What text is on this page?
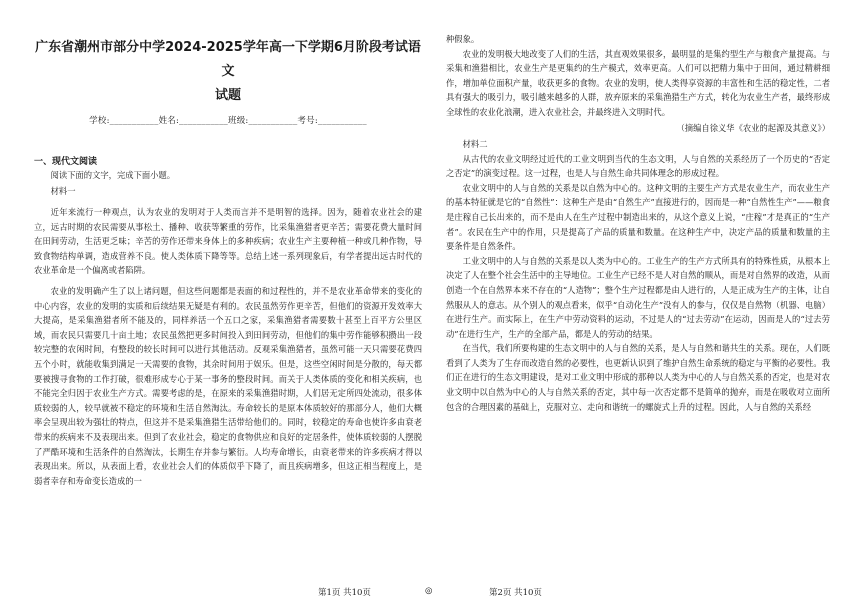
广东省潮州市部分中学2024-2025学年高一下学期6月阶段考试语文
试题
学校:___________姓名:___________班级:___________考号:___________
一、现代文阅读

阅读下面的文字，完成下面小题。

材料一

近年来流行一种观点，认为农业的发明对于人类而言并不是明智的选择。因为，随着农业社会的建立，远古时期的农民需要从事松土、播种、收获等繁重的劳作，比采集渔猎者更辛苦；需要花费大量时间在田间劳动，生活更乏味；辛苦的劳作还带来身体上的多种疾病；农业生产主要种植一种或几种作物，导致食物结构单调，造成营养不良。使人类体质下降等等。总结上述一系列现象后，有学者提出远古时代的农业革命是一个偏离或者陷阱。

农业的发明确产生了以上诸问题，但这些问题都是表面的和过程性的，并不是农业革命带来的变化的中心内容，农业的发明的实质和后续结果无疑是有利的。农民虽然劳作更辛苦，但他们的资源开发效率大大提高，是采集渔猎者所不能及的，同样养活一个五口之家，采集渔猎者需要数十甚至上百平方公里区域，而农民只需要几十亩土地；农民虽然把更多时间投入到田间劳动，但他们的集中劳作能够积攒出一段较完整的农闲时间，有整段的较长时间可以进行其他活动。反观采集渔猎者，虽然可能一天只需要花费四五个小时，就能收集到满足一天需要的食物，其余时间用于娱乐。但是，这些空闲时间是分散的，每天都要被搜寻食物的工作打破，很难形成专心于某一事务的整段时间。而关于人类体质的变化和相关疾病，也不能完全归因于农业生产方式。需要考虑的是，在原来的采集渔猎时期，人们居无定所四处流动，很多体质较弱的人，较早就被不稳定的环境和生活自然淘汰。寿命较长的是原本体质较好的那部分人，他们大概率会呈现出较为强壮的特点，但这并不是采集渔猎生活带给他们的。同时，较稳定的寿命也使许多由衰老带来的疾病来不及表现出来。但到了农业社会，稳定的食物供应和良好的定居条件，使体质较弱的人摆脱了严酷环境和生活条件的自然淘汰，长期生存并参与繁衍。人均寿命增长，由衰老带来的许多疾病才得以表现出来。所以，从表面上看，农业社会人们的体质似乎下降了，而且疾病增多，但这正相当程度上，是弱者幸存和寿命变长造成的一

种假象。

农业的发明极大地改变了人们的生活，其直观效果很多，最明显的是集约型生产与粮食产量提高。与采集和渔猎相比，农业生产是更集约的生产模式，效率更高。人们可以把精力集中于田间，通过精耕细作，增加单位面积产量，收获更多的食物。农业的发明，使人类得享资源的丰富性和生活的稳定性，二者具有强大的吸引力，吸引越来越多的人群，放弃原来的采集渔猎生产方式，转化为农业生产者，最终形成全球性的农业化浪潮，进入农业社会，并最终进入文明时代。

（摘编自徐义华《农业的起源及其意义》）

材料二

从古代的农业文明经过近代的工业文明到当代的生态文明，人与自然的关系经历了一个历史的“否定之否定”的演变过程。这一过程，也是人与自然生命共同体理念的形成过程。

农业文明中的人与自然的关系是以自然为中心的。这种文明的主要生产方式是农业生产，而农业生产的基本特征就是它的“自然性”：这种生产是由“自然生产”直接进行的，因而是一种“自然性生产”——粮食是庄稼自己长出来的，而不是由人在生产过程中制造出来的，从这个意义上说，“庄稼”才是真正的“生产者”。农民在生产中的作用，只是提高了产品的质量和数量。在这种生产中，决定产品的质量和数量的主要条件是自然条件。

工业文明中的人与自然的关系是以人类为中心的。工业生产的生产方式所具有的特殊性质，从根本上决定了人在整个社会生活中的主导地位。工业生产已经不是人对自然的顺从，而是对自然界的改造，从而创造一个在自然界本来不存在的“人造物”；整个生产过程都是由人进行的，人是正成为生产的主体，让自然服从人的意志。从个别人的观点看来，似乎“自动化生产”没有人的参与，仅仅是自然物（机器、电脑）在进行生产。而实际上，在生产中劳动资料的运动，不过是人的“过去劳动”在运动，因而是人的“过去劳动”在进行生产，生产的全部产品，都是人的劳动的结果。

在当代，我们所要构建的生态文明中的人与自然的关系，是人与自然和谐共生的关系。现在，人们既看到了人类为了生存而改造自然的必要性，也更新认识到了维护自然生命系统的稳定与平衡的必要性。我们正在进行的生态文明建设，是对工业文明中形成的那种以人类为中心的人与自然关系的否定，也是对农业文明中以自然为中心的人与自然关系的否定，其中每一次否定都不是简单的抛弃，而是在吸收对立面所包含的合理因素的基础上，克服对立、走向和谐统一的螺旋式上升的过程。因此，人与自然的关系经

第1页 共10页	◎	第2页 共10页
